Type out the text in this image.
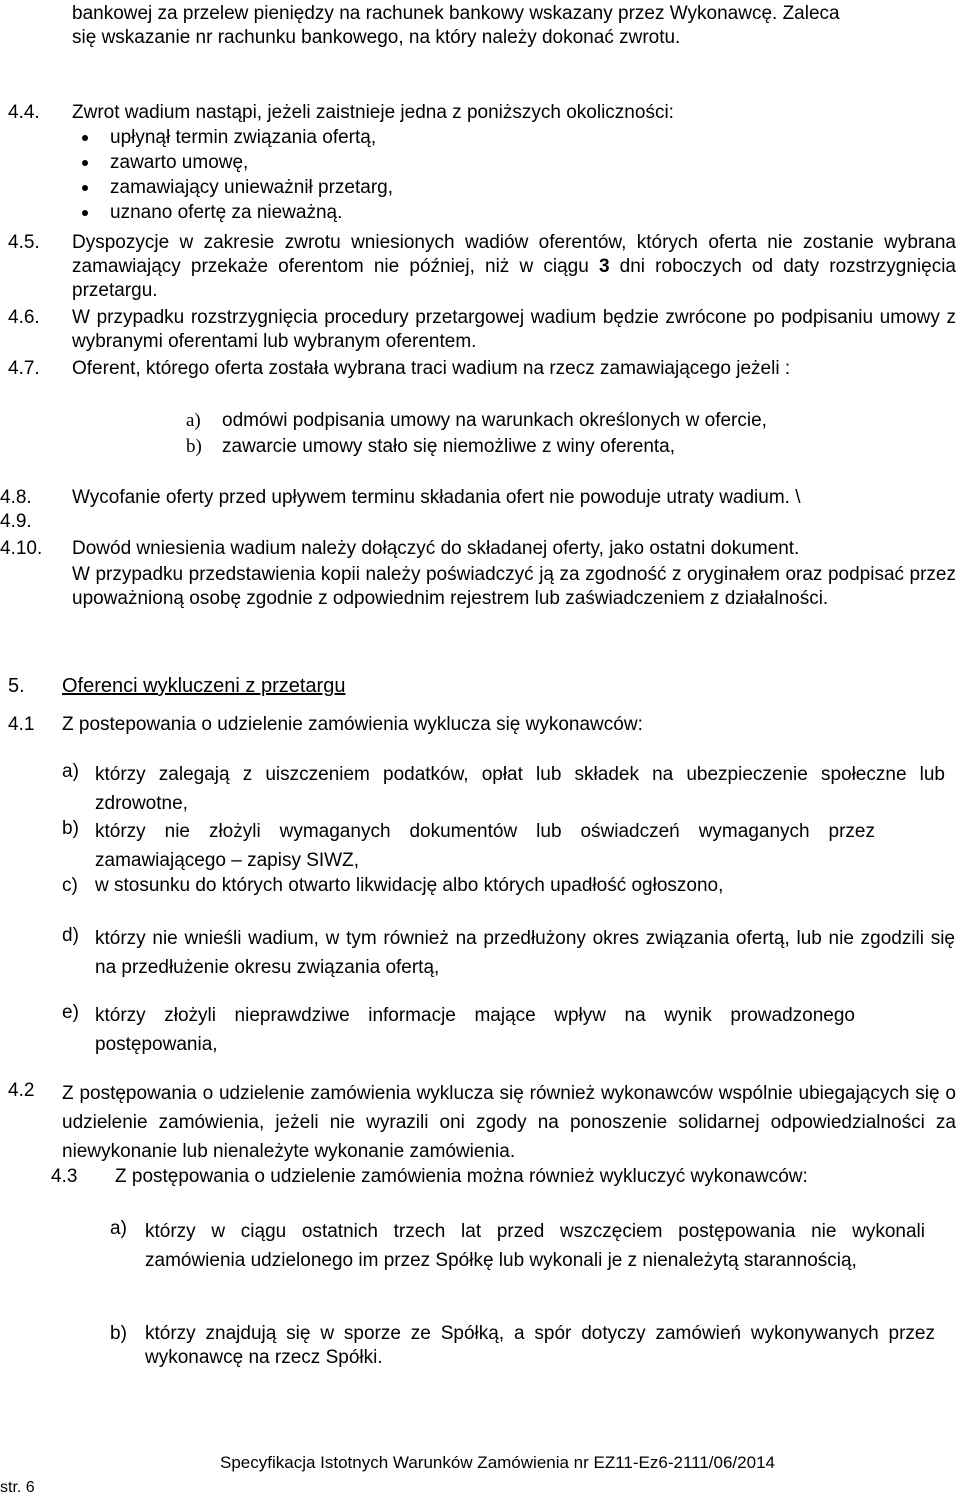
bankowej za przelew pieniędzy na rachunek bankowy wskazany przez Wykonawcę. Zaleca
się wskazanie nr rachunku bankowego, na który należy dokonać zwrotu.
4.4. Zwrot wadium nastąpi, jeżeli zaistnieje jedna z poniższych okoliczności:
upłynął termin związania ofertą,
zawarto umowę,
zamawiający unieważnił przetarg,
uznano ofertę za nieważną.
4.5. Dyspozycje w zakresie zwrotu wniesionych wadiów oferentów, których oferta nie zostanie wybrana zamawiający przekaże oferentom nie później, niż w ciągu 3 dni roboczych od daty rozstrzygnięcia przetargu.
4.6. W przypadku rozstrzygnięcia procedury przetargowej wadium będzie zwrócone po podpisaniu umowy z wybranymi oferentami lub wybranym oferentem.
4.7. Oferent, którego oferta została wybrana traci wadium na rzecz zamawiającego jeżeli :
a) odmówi podpisania umowy na warunkach określonych w ofercie,
b) zawarcie umowy stało się niemożliwe z winy oferenta,
4.8. Wycofanie oferty przed upływem terminu składania ofert nie powoduje utraty wadium. \
4.9.
4.10. Dowód wniesienia wadium należy dołączyć do składanej oferty, jako ostatni dokument.
W przypadku przedstawienia kopii należy poświadczyć ją za zgodność z oryginałem oraz podpisać przez upoważnioną osobę zgodnie z odpowiednim rejestrem lub zaświadczeniem z działalności.
5. Oferenci wykluczeni z przetargu
4.1 Z postepowania o udzielenie zamówienia wyklucza się wykonawców:
a) którzy zalegają z uiszczeniem podatków, opłat lub składek na ubezpieczenie społeczne lub zdrowotne,
b) którzy nie złożyli wymaganych dokumentów lub oświadczeń wymaganych przez zamawiającego – zapisy SIWZ,
c) w stosunku do których otwarto likwidację albo których upadłość ogłoszono,
d) którzy nie wnieśli wadium, w tym również na przedłużony okres związania ofertą, lub nie zgodzili się na przedłużenie okresu związania ofertą,
e) którzy złożyli nieprawdziwe informacje mające wpływ na wynik prowadzonego postępowania,
4.2 Z postępowania o udzielenie zamówienia wyklucza się również wykonawców wspólnie ubiegających się o udzielenie zamówienia, jeżeli nie wyrazili oni zgody na ponoszenie solidarnej odpowiedzialności za niewykonanie lub nienależyte wykonanie zamówienia.
4.3 Z postępowania o udzielenie zamówienia można również wykluczyć wykonawców:
a) którzy w ciągu ostatnich trzech lat przed wszczęciem postępowania nie wykonali zamówienia udzielonego im przez Spółkę lub wykonali je z nienależytą starannością,
b) którzy znajdują się w sporze ze Spółką, a spór dotyczy zamówień wykonywanych przez wykonawcę na rzecz Spółki.
Specyfikacja Istotnych Warunków Zamówienia nr EZ11-Ez6-2111/06/2014
str. 6
